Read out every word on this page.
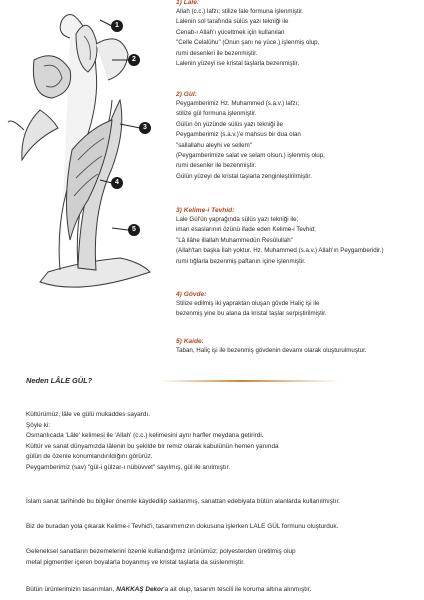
1
2
3
4
5
1) Lale:
Allah (c.c.) lafzı; stilize lale formuna işlenmiştir.
Lalenin sol tarafında sülüs yazı tekniği ile
Cenab-ı Allah'ı yüceltmek için kullanılan
"Celle Celalühu" (Onun şanı ne yüce.) işlenmiş olup,
rumi desenleri ile bezenmiştir.
Lalenin yüzeyi ise kristal taşlarla bezenmiştir.
2) Gül:
Peygamberimiz Hz. Muhammed (s.a.v.) lafzı;
stilize gül formuna işlenmiştir.
Gülün ön yüzünde sülüs yazı tekniği ile
Peygamberimiz (s.a.v.)'e mahsus bir dua olan
"sallallahu aleyhi ve sellem"
(Peygamberimize salat ve selam olsun.) işlenmiş olup,
rumi desenler ile bezenmiştir.
Gülün yüzeyi de kristal taşlarla zenginleştirilmiştir.
3) Kelime-i Tevhid:
Lale Gül'ün yaprağında sülüs yazı tekniği ile;
iman esaslarının özünü ifade eden Kelime-i Tevhid;
"Lâ ilâhe illallah Muhammedün Resûlullah"
(Allah'tan başka İlah yoktur. Hz. Muhammed (s.a.v.) Allah'ın Peygamberidir.)
rumi tığlarla bezenmiş paftanın içine işlenmiştir.
4) Gövde:
Stilize edilmiş iki yapraktan oluşan gövde Haliç işi ile
bezenmiş yine bu alana da kristal taşlar serpiştirilmiştir.
5) Kaide:
Taban, Haliç işi ile bezenmiş gövdenin devamı olarak oluşturulmuştur.
Neden LÂLE GÜL?
Kültürümüz, lâle ve gülü mukaddes sayardı.
Şöyle ki:
Osmanlıcada 'Lâle' kelimesi ile 'Allah' (c.c.) kelimesini aynı harfler meydana getirirdi.
Kültür ve sanat dünyamızda lâlenin bu şekilde bir remiz olarak kabulünün hemen yanında
gülün de özenle konumlandırıldığını görürüz.
Peygamberimiz (sav) "gül-i gülzar-ı nübüvvet" sayılmış, gül ile anılmıştır.
İslam sanat tarihinde bu bilgiler önemle kaydedilip saklanmış, sanattan edebiyata bütün alanlarda kullanılmıştır.
Biz de buradan yola çıkarak Kelime-i Tevhid'i, tasarımımızın dokusuna işlerken LALE GÜL formunu oluşturduk.
Geleneksel sanatların bezemelerini özenle kullandığımız ürünümüz; polyesterden üretilmiş olup
metal pigmentler içeren boyalarla boyanmış ve kristal taşlarla da süslenmiştir.
Bütün ürünlerimizin tasarımları, NAKKAŞ Dekor'a ait olup, tasarım tescili ile koruma altına alınmıştır.
